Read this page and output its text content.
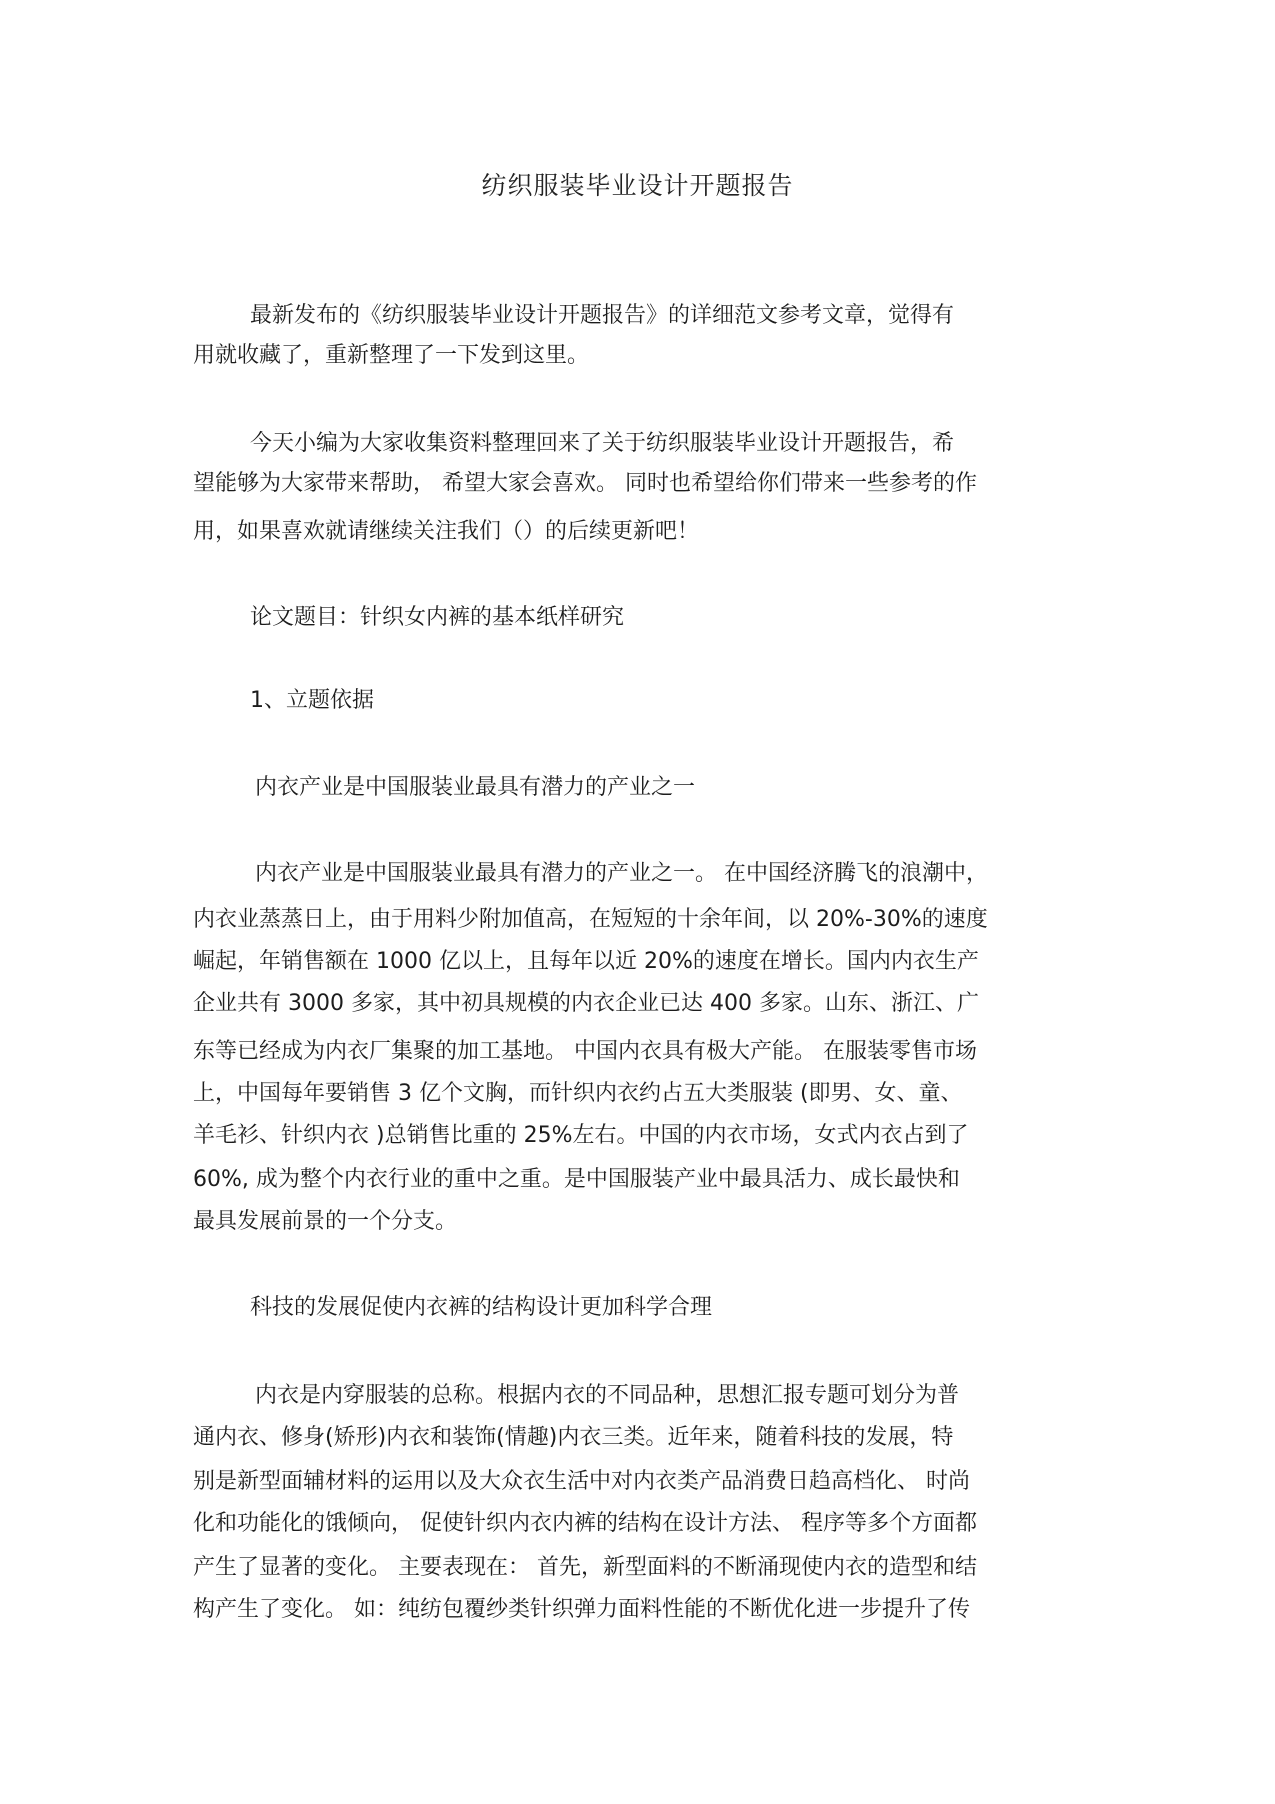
纺织服装毕业设计开题报告
最新发布的《纺织服装毕业设计开题报告》的详细范文参考文章，觉得有
用就收藏了，重新整理了一下发到这里。
今天小编为大家收集资料整理回来了关于纺织服装毕业设计开题报告，希
望能够为大家带来帮助， 希望大家会喜欢。 同时也希望给你们带来一些参考的作
用，如果喜欢就请继续关注我们（）的后续更新吧！
论文题目：针织女内裤的基本纸样研究
1、立题依据
内衣产业是中国服装业最具有潜力的产业之一
内衣产业是中国服装业最具有潜力的产业之一。 在中国经济腾飞的浪潮中，
内衣业蒸蒸日上，由于用料少附加值高，在短短的十余年间，以 20%-30%的速度
崛起，年销售额在 1000 亿以上，且每年以近 20%的速度在增长。国内内衣生产
企业共有 3000 多家，其中初具规模的内衣企业已达 400 多家。山东、浙江、广
东等已经成为内衣厂集聚的加工基地。 中国内衣具有极大产能。 在服装零售市场
上，中国每年要销售 3 亿个文胸，而针织内衣约占五大类服装 (即男、女、童、
羊毛衫、针织内衣 )总销售比重的 25%左右。中国的内衣市场，女式内衣占到了
60%, 成为整个内衣行业的重中之重。是中国服装产业中最具活力、成长最快和
最具发展前景的一个分支。
科技的发展促使内衣裤的结构设计更加科学合理
内衣是内穿服装的总称。根据内衣的不同品种，思想汇报专题可划分为普
通内衣、修身(矫形)内衣和装饰(情趣)内衣三类。近年来，随着科技的发展，特
别是新型面辅材料的运用以及大众衣生活中对内衣类产品消费日趋高档化、 时尚
化和功能化的饿倾向， 促使针织内衣内裤的结构在设计方法、 程序等多个方面都
产生了显著的变化。 主要表现在： 首先，新型面料的不断涌现使内衣的造型和结
构产生了变化。 如：纯纺包覆纱类针织弹力面料性能的不断优化进一步提升了传
